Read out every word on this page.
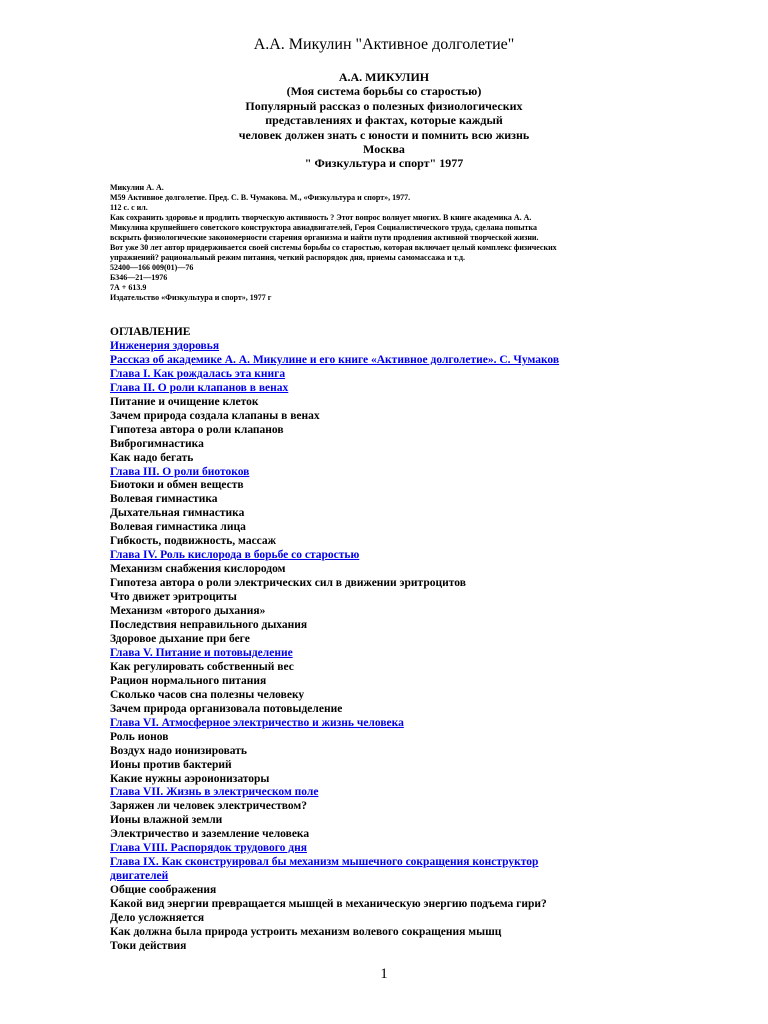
А.А. Микулин "Активное долголетие"
А.А. МИКУЛИН
(Моя система борьбы со старостью)
Популярный рассказ о полезных физиологических
представлениях и фактах, которые каждый
человек должен знать с юности и помнить всю жизнь
Москва
" Физкультура и спорт" 1977
Микулин А. А.
М59 Активное долголетие. Пред. С. В. Чумакова. М., «Физкультура и спорт», 1977.
112 с. с ил.
Как сохранить здоровье и продлить творческую активность ? Этот вопрос волнует многих. В книге академика А. А.
Микулина крупнейшего советского конструктора авиадвигателей, Героя Социалистического труда, сделана попытка
вскрыть физиологические закономерности старения организма и найти пути продления активной творческой жизни.
Вот уже 30 лет автор придерживается своей системы борьбы со старостью, которая включает целый комплекс физических
упражнений? рациональный режим питания, четкий распорядок дня, приемы самомассажа и т.д.
52400—166 009(01)—76
Б346—21—1976
7А + 613.9
Издательство «Физкультура и спорт», 1977 г
ОГЛАВЛЕНИЕ
Инженерия здоровья
Рассказ об академике А. А. Микулине и его книге «Активное долголетие». С. Чумаков
Глава I. Как рождалась эта книга
Глава II. О роли клапанов в венах
Питание и очищение клеток
Зачем природа создала клапаны в венах
Гипотеза автора о роли клапанов
Виброгимнастика
Как надо бегать
Глава III. О роли биотоков
Биотоки и обмен веществ
Волевая гимнастика
Дыхательная гимнастика
Волевая гимнастика лица
Гибкость, подвижность, массаж
Глава IV. Роль кислорода в борьбе со старостью
Механизм снабжения кислородом
Гипотеза автора о роли электрических сил в движении эритроцитов
Что движет эритроциты
Механизм «второго дыхания»
Последствия неправильного дыхания
Здоровое дыхание при беге
Глава V. Питание и потовыделение
Как регулировать собственный вес
Рацион нормального питания
Сколько часов сна полезны человеку
Зачем природа организовала потовыделение
Глава VI. Атмосферное электричество и жизнь человека
Роль ионов
Воздух надо ионизировать
Ионы против бактерий
Какие нужны аэроионизаторы
Глава VII. Жизнь в электрическом поле
Заряжен ли человек электричеством?
Ионы влажной земли
Электричество и заземление человека
Глава VIII. Распорядок трудового дня
Глава IX. Как сконструировал бы механизм мышечного сокращения конструктор
двигателей
Общие соображения
Какой вид энергии превращается мышцей в механическую энергию подъема гири?
Дело усложняется
Как должна была природа устроить механизм волевого сокращения мышц
Токи действия
1
